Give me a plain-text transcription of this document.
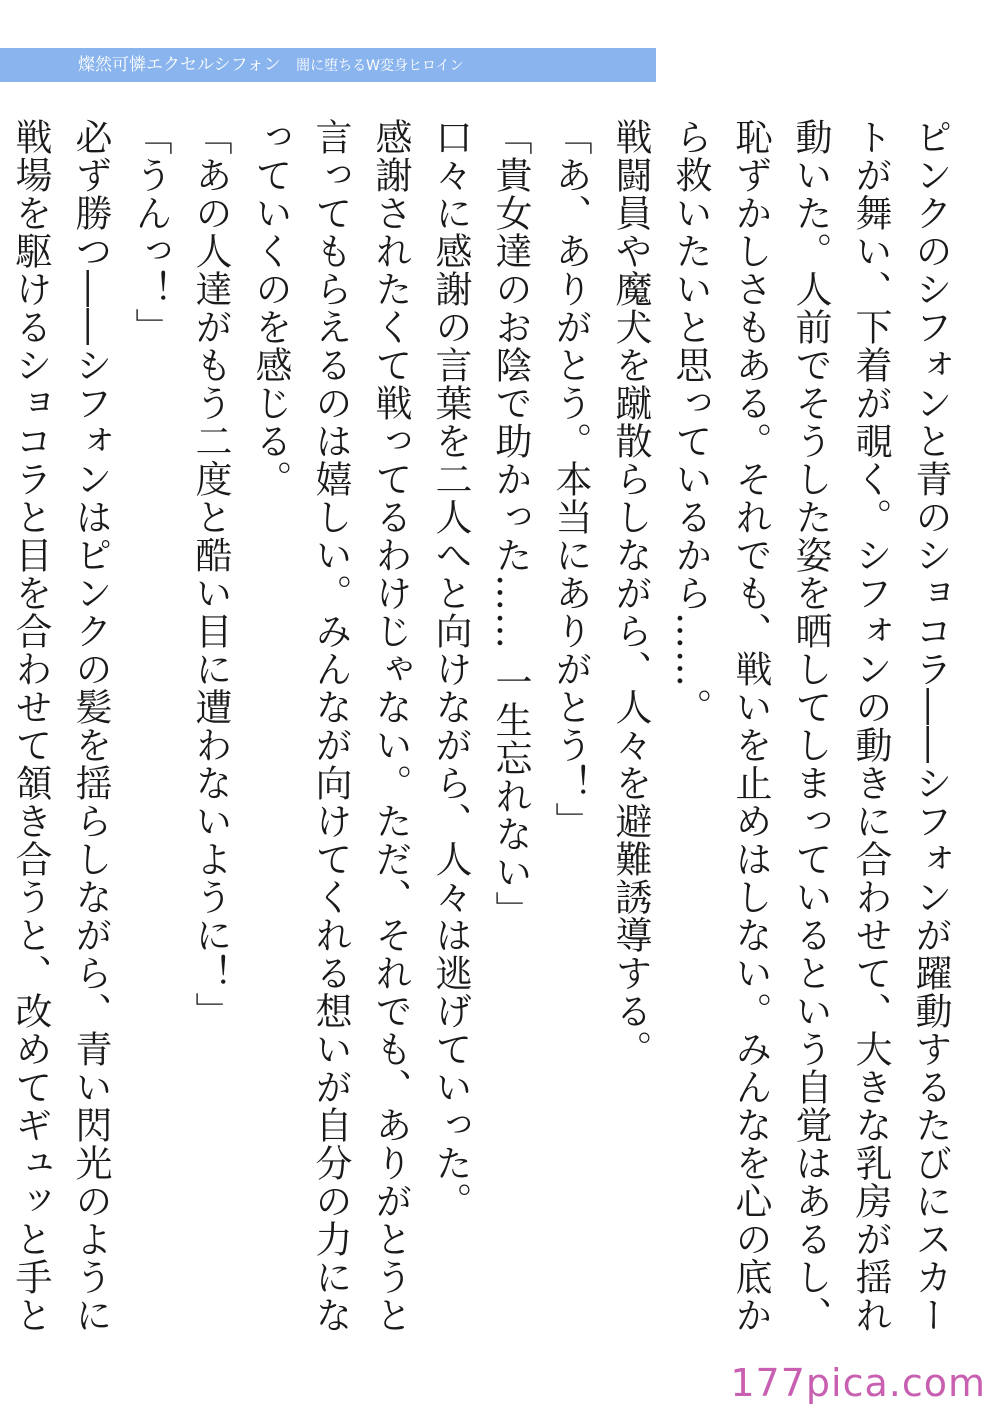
燦然可憐エクセルシフォン 闇に堕ちるW変身ヒロイン

ピンクのシフォンと青のショコラ――シフォンが躍動するたびにスカートが舞い、下着が覗く。シフォンの動きに合わせて、大きな乳房が揺れ動いた。人前でそうした姿を晒してしまっているという自覚はあるし、恥ずかしさもある。それでも、戦いを止めはしない。みんなを心の底から救いたいと思っているから……。

戦闘員や魔犬を蹴散らしながら、人々を避難誘導する。

「あ、ありがとう。本当にありがとう！」

「貴女達のお陰で助かった…… 一生忘れない」

口々に感謝の言葉を二人へと向けながら、人々は逃げていった。

感謝されたくて戦ってるわけじゃない。ただ、それでも、ありがとうと言ってもらえるのは嬉しい。みんなが向けてくれる想いが自分の力になっていくのを感じる。

「あの人達がもう二度と酷い目に遭わないように！」

「うんっ！」

必ず勝つ――シフォンはピンクの髪を揺らしながら、青い閃光のように戦場を駆けるショコラと目を合わせて頷き合うと、改めてギュッと手と

177pica.com
